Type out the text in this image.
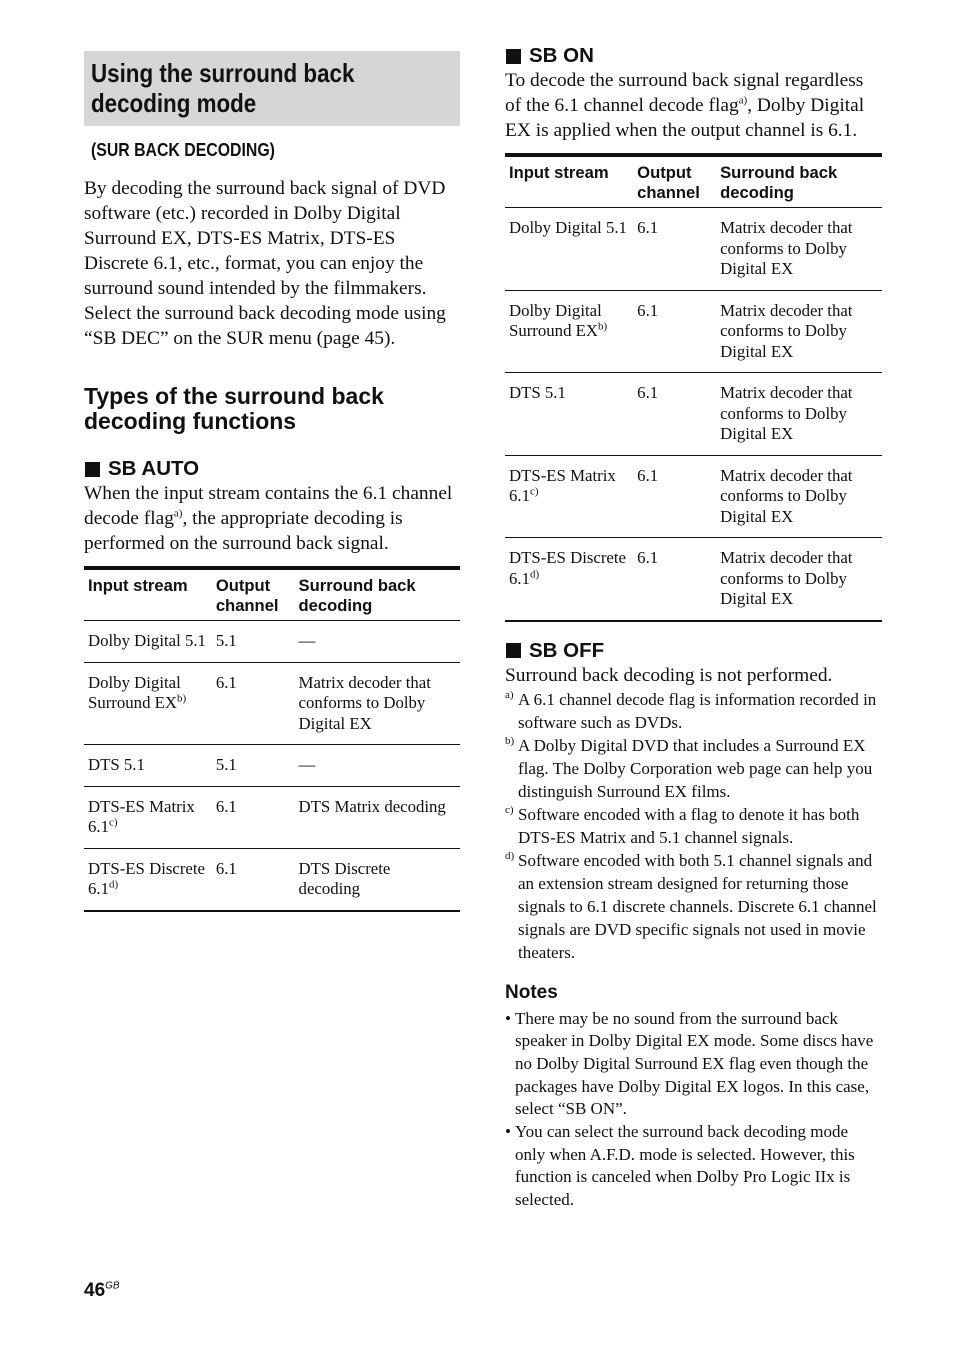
Using the surround back decoding mode
(SUR BACK DECODING)

By decoding the surround back signal of DVD software (etc.) recorded in Dolby Digital Surround EX, DTS-ES Matrix, DTS-ES Discrete 6.1, etc., format, you can enjoy the surround sound intended by the filmmakers. Select the surround back decoding mode using “SB DEC” on the SUR menu (page 45).

Types of the surround back decoding functions
SB AUTO

When the input stream contains the 6.1 channel decode flag$^{a)}$, the appropriate decoding is performed on the surround back signal.

Input stream	Output channel	Surround back decoding
Dolby Digital 5.1	5.1	—
Dolby Digital Surround EX$^{b)}$	6.1	Matrix decoder that conforms to Dolby Digital EX
DTS 5.1	5.1	—
DTS-ES Matrix 6.1$^{c)}$	6.1	DTS Matrix decoding
DTS-ES Discrete 6.1$^{d)}$	6.1	DTS Discrete decoding
SB ON

To decode the surround back signal regardless of the 6.1 channel decode flag$^{a)}$, Dolby Digital EX is applied when the output channel is 6.1.

Input stream	Output channel	Surround back decoding
Dolby Digital 5.1	6.1	Matrix decoder that conforms to Dolby Digital EX
Dolby Digital Surround EX$^{b)}$	6.1	Matrix decoder that conforms to Dolby Digital EX
DTS 5.1	6.1	Matrix decoder that conforms to Dolby Digital EX
DTS-ES Matrix 6.1$^{c)}$	6.1	Matrix decoder that conforms to Dolby Digital EX
DTS-ES Discrete 6.1$^{d)}$	6.1	Matrix decoder that conforms to Dolby Digital EX
SB OFF

Surround back decoding is not performed.

a) A 6.1 channel decode flag is information recorded in software such as DVDs.

b) A Dolby Digital DVD that includes a Surround EX flag. The Dolby Corporation web page can help you distinguish Surround EX films.

c) Software encoded with a flag to denote it has both DTS-ES Matrix and 5.1 channel signals.

d) Software encoded with both 5.1 channel signals and an extension stream designed for returning those signals to 6.1 discrete channels. Discrete 6.1 channel signals are DVD specific signals not used in movie theaters.

Notes
• There may be no sound from the surround back speaker in Dolby Digital EX mode. Some discs have no Dolby Digital Surround EX flag even though the packages have Dolby Digital EX logos. In this case, select “SB ON”.
• You can select the surround back decoding mode only when A.F.D. mode is selected. However, this function is canceled when Dolby Pro Logic IIx is selected.
$46^{GB}$
